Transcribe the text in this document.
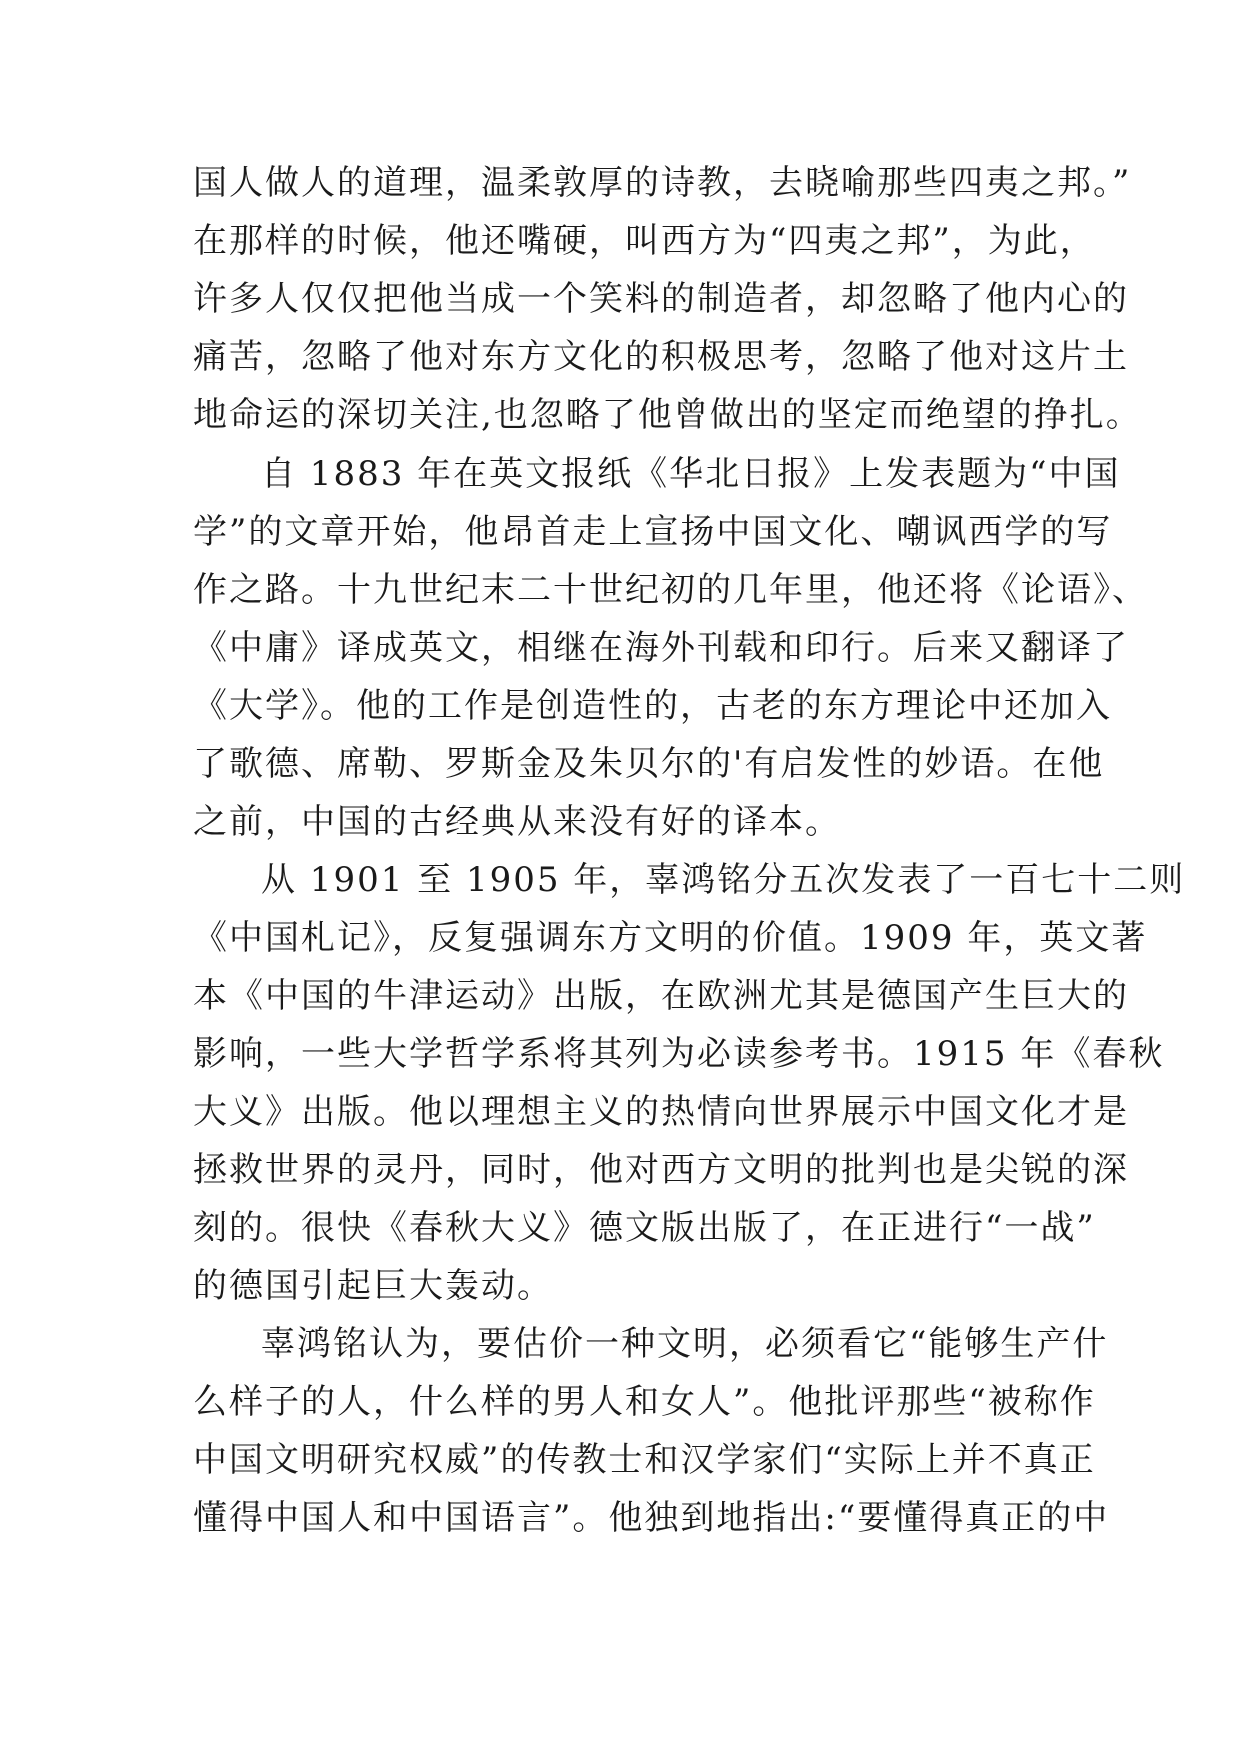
国人做人的道理，温柔敦厚的诗教，去晓喻那些四夷之邦。”
在那样的时候，他还嘴硬，叫西方为“四夷之邦”，为此，
许多人仅仅把他当成一个笑料的制造者，却忽略了他内心的
痛苦，忽略了他对东方文化的积极思考，忽略了他对这片土
地命运的深切关注,也忽略了他曾做出的坚定而绝望的挣扎。
自 1883 年在英文报纸《华北日报》上发表题为“中国
学”的文章开始，他昂首走上宣扬中国文化、嘲讽西学的写
作之路。十九世纪末二十世纪初的几年里，他还将《论语》、
《中庸》译成英文，相继在海外刊载和印行。后来又翻译了
《大学》。他的工作是创造性的，古老的东方理论中还加入
了歌德、席勒、罗斯金及朱贝尔的'有启发性的妙语。在他
之前，中国的古经典从来没有好的译本。
从 1901 至 1905 年，辜鸿铭分五次发表了一百七十二则
《中国札记》，反复强调东方文明的价值。1909 年，英文著
本《中国的牛津运动》出版，在欧洲尤其是德国产生巨大的
影响，一些大学哲学系将其列为必读参考书。1915 年《春秋
大义》出版。他以理想主义的热情向世界展示中国文化才是
拯救世界的灵丹，同时，他对西方文明的批判也是尖锐的深
刻的。很快《春秋大义》德文版出版了，在正进行“一战”
的德国引起巨大轰动。
辜鸿铭认为，要估价一种文明，必须看它“能够生产什
么样子的人，什么样的男人和女人”。他批评那些“被称作
中国文明研究权威”的传教士和汉学家们“实际上并不真正
懂得中国人和中国语言”。他独到地指出:“要懂得真正的中
